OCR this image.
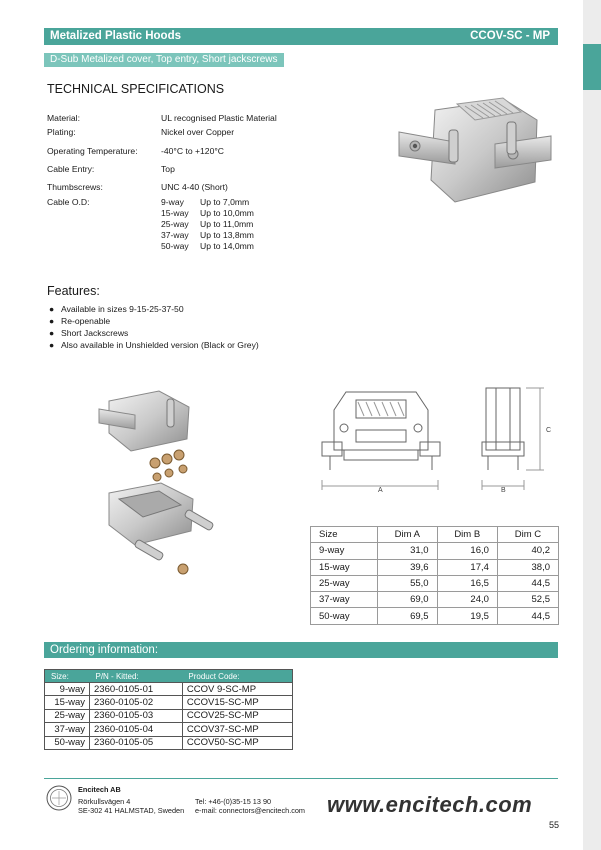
Metalized Plastic Hoods	CCOV-SC - MP
D-Sub Metalized cover, Top entry, Short jackscrews
TECHNICAL SPECIFICATIONS
Material:	UL recognised Plastic Material
Plating:	Nickel over Copper
Operating Temperature:	-40°C to +120°C
Cable Entry:	Top
Thumbscrews:	UNC 4-40 (Short)
Cable O.D:	9-way Up to 7,0mm
15-way Up to 10,0mm
25-way Up to 11,0mm
37-way Up to 13,8mm
50-way Up to 14,0mm
Features:
● Available in sizes 9-15-25-37-50
● Re-openable
● Short Jackscrews
● Also available in Unshielded version (Black or Grey)
A	B
C
Size	Dim A	Dim B	Dim C
9-way	31,0	16,0	40,2
15-way	39,6	17,4	38,0
25-way	55,0	16,5	44,5
37-way	69,0	24,0	52,5
50-way	69,5	19,5	44,5
Ordering information:
Size:	P/N - Kitted:	Product Code:
9-way	2360-0105-01	CCOV 9-SC-MP
15-way	2360-0105-02	CCOV15-SC-MP
25-way	2360-0105-03	CCOV25-SC-MP
37-way	2360-0105-04	CCOV37-SC-MP
50-way	2360-0105-05	CCOV50-SC-MP
Encitech AB
Rörkullsvägen 4
SE-302 41 HALMSTAD, Sweden
Tel: +46-(0)35-15 13 90
e-mail: connectors@encitech.com www.encitech.com
55
